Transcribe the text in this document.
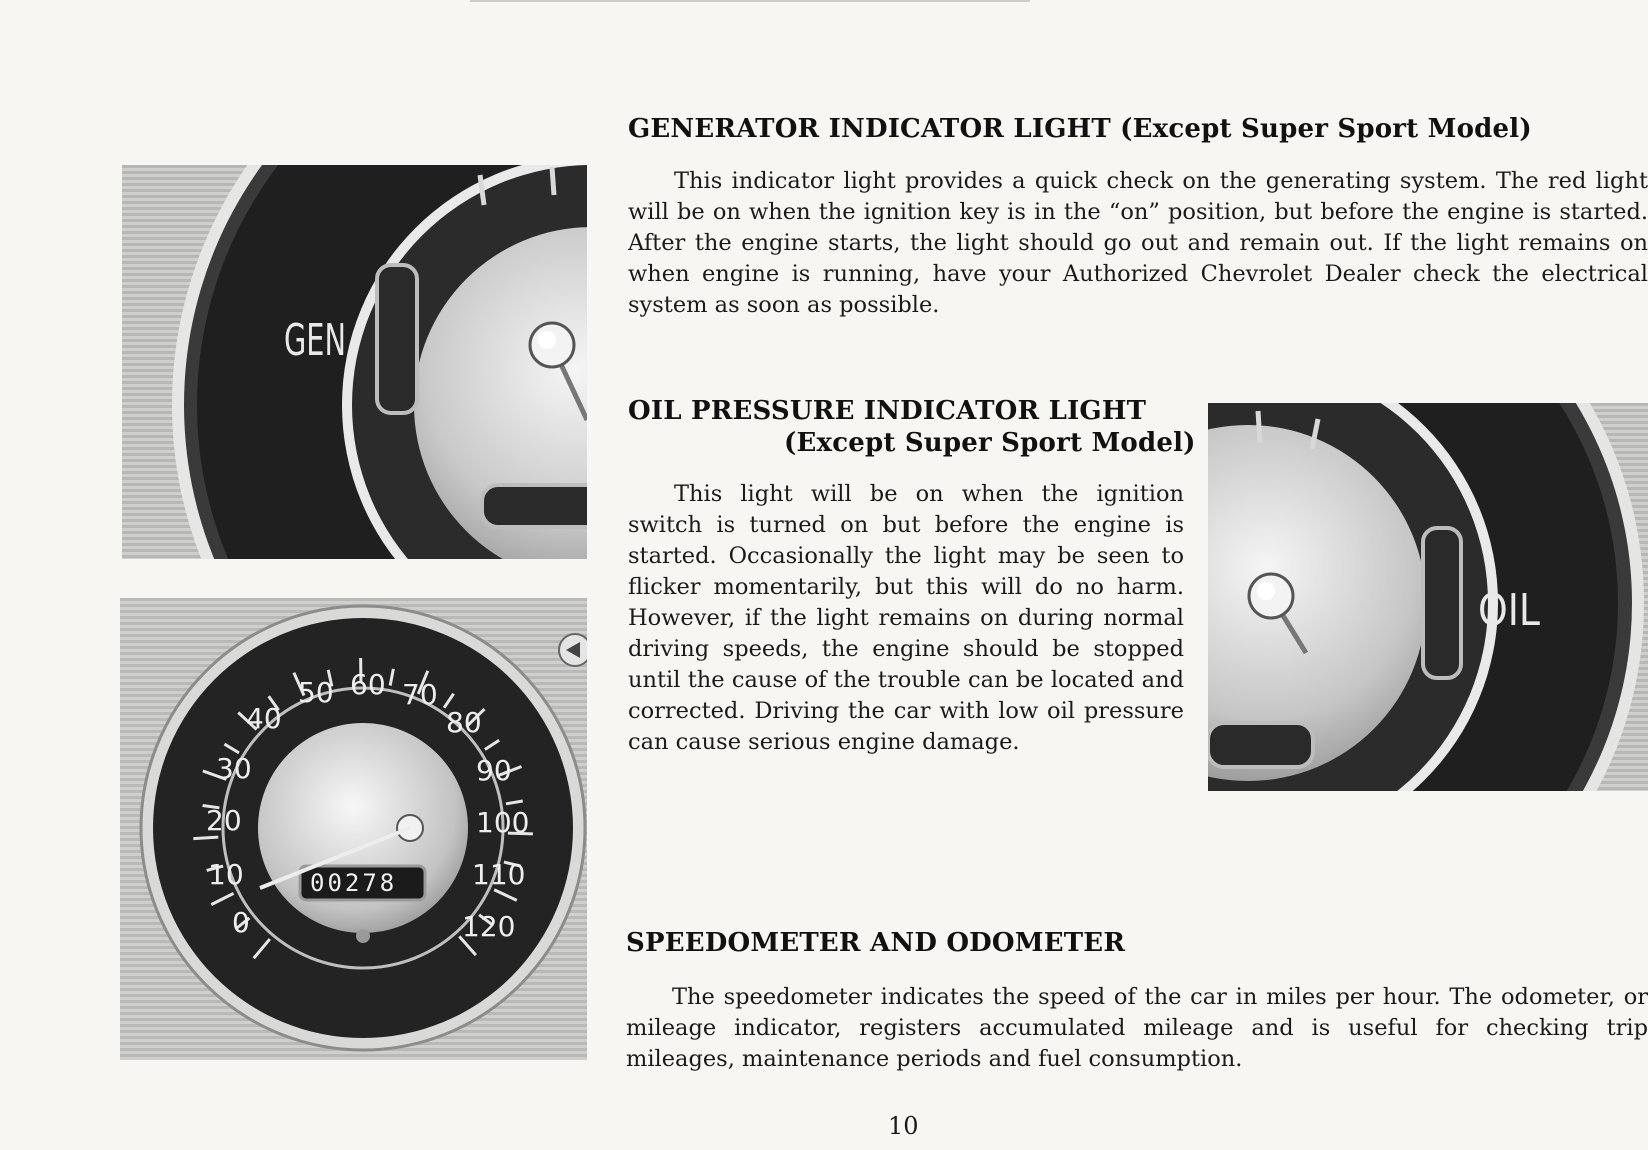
GEN
00278
0
10
20
30
40
50 60 70
80
90
100
110
120
OIL
GENERATOR INDICATOR LIGHT (Except Super Sport Model)

This indicator light provides a quick check on the generating system. The red light will be on when the ignition key is in the “on” position, but before the engine is started. After the engine starts, the light should go out and remain out. If the light remains on when engine is running, have your Authorized Chevrolet Dealer check the electrical system as soon as possible.

OIL PRESSURE INDICATOR LIGHT
(Except Super Sport Model)

This light will be on when the ignition switch is turned on but before the engine is started. Occasionally the light may be seen to flicker momentarily, but this will do no harm. However, if the light remains on during normal driving speeds, the engine should be stopped until the cause of the trouble can be located and corrected. Driving the car with low oil pressure can cause serious engine damage.

SPEEDOMETER AND ODOMETER

The speedometer indicates the speed of the car in miles per hour. The odometer, or mileage indicator, registers accumulated mileage and is useful for checking trip mileages, maintenance periods and fuel consumption.

10
